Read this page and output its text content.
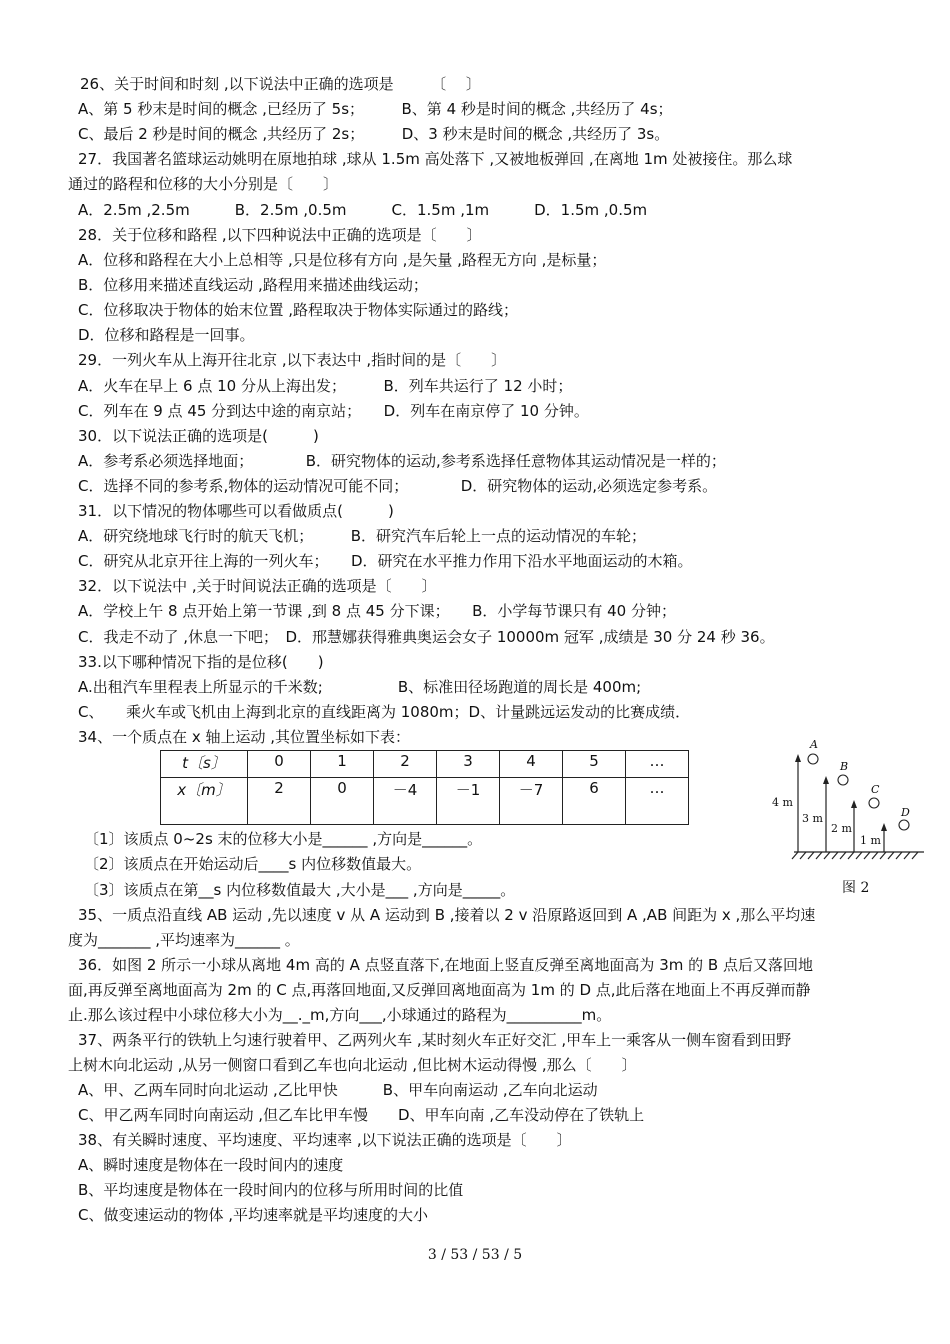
26、关于时间和时刻 ,以下说法中正确的选项是　　　〔　 〕
A、第 5 秒末是时间的概念 ,已经历了 5s；　　　B、第 4 秒是时间的概念 ,共经历了 4s；
C、最后 2 秒是时间的概念 ,共经历了 2s；　　　D、3 秒末是时间的概念 ,共经历了 3s。
27．我国著名篮球运动姚明在原地拍球 ,球从 1.5m 高处落下 ,又被地板弹回 ,在离地 1m 处被接住。那么球
通过的路程和位移的大小分别是〔　　〕
A．2.5m ,2.5m　　　B．2.5m ,0.5m　　　C．1.5m ,1m　　　D．1.5m ,0.5m
28．关于位移和路程 ,以下四种说法中正确的选项是〔　　〕
A．位移和路程在大小上总相等 ,只是位移有方向 ,是矢量 ,路程无方向 ,是标量；
B．位移用来描述直线运动 ,路程用来描述曲线运动；
C．位移取决于物体的始末位置 ,路程取决于物体实际通过的路线；
D．位移和路程是一回事。
29．一列火车从上海开往北京 ,以下表达中 ,指时间的是〔　　〕
A．火车在早上 6 点 10 分从上海出发；　　　B．列车共运行了 12 小时；
C．列车在 9 点 45 分到达中途的南京站；　　D．列车在南京停了 10 分钟。
30．以下说法正确的选项是(　　　)
A．参考系必须选择地面；　　　　B．研究物体的运动,参考系选择任意物体其运动情况是一样的；
C．选择不同的参考系,物体的运动情况可能不同；　　　　D．研究物体的运动,必须选定参考系。
31．以下情况的物体哪些可以看做质点(　　　)
A．研究绕地球飞行时的航天飞机；　　　B．研究汽车后轮上一点的运动情况的车轮；
C．研究从北京开往上海的一列火车；　　D．研究在水平推力作用下沿水平地面运动的木箱。
32．以下说法中 ,关于时间说法正确的选项是〔　　〕
A．学校上午 8 点开始上第一节课 ,到 8 点 45 分下课；　　B．小学每节课只有 40 分钟；
C．我走不动了 ,休息一下吧；　D．邢慧娜获得雅典奥运会女子 10000m 冠军 ,成绩是 30 分 24 秒 36。
33.以下哪种情况下指的是位移(　　)
A.出租汽车里程表上所显示的千米数;　　　　　B、标准田径场跑道的周长是 400m;
C、　　乘火车或飞机由上海到北京的直线距离为 1080m；D、计量跳远运发动的比赛成绩．
34、一个质点在 x 轴上运动 ,其位置坐标如下表：
t〔s〕	0	1	2	3	4	5	…
x〔m〕	2	0	－4	－1	－7	6	…
A
B
C
D
4 m
3 m
2 m
1 m
图 2
〔1〕该质点 0~2s 末的位移大小是______ ,方向是______。
〔2〕该质点在开始运动后____s 内位移数值最大。
〔3〕该质点在第__s 内位移数值最大 ,大小是___ ,方向是_____。
35、一质点沿直线 AB 运动 ,先以速度 v 从 A 运动到 B ,接着以 2 v 沿原路返回到 A ,AB 间距为 x ,那么平均速
度为_______ ,平均速率为______ 。
36．如图 2 所示一小球从离地 4m 高的 A 点竖直落下,在地面上竖直反弹至离地面高为 3m 的 B 点后又落回地
面,再反弹至离地面高为 2m 的 C 点,再落回地面,又反弹回离地面高为 1m 的 D 点,此后落在地面上不再反弹而静
止.那么该过程中小球位移大小为__._m,方向___,小球通过的路程为__________m。
37、两条平行的铁轨上匀速行驶着甲、乙两列火车 ,某时刻火车正好交汇 ,甲车上一乘客从一侧车窗看到田野
上树木向北运动 ,从另一侧窗口看到乙车也向北运动 ,但比树木运动得慢 ,那么〔　　〕
A、甲、乙两车同时向北运动 ,乙比甲快　　　B、甲车向南运动 ,乙车向北运动
C、甲乙两车同时向南运动 ,但乙车比甲车慢　　D、甲车向南 ,乙车没动停在了铁轨上
38、有关瞬时速度、平均速度、平均速率 ,以下说法正确的选项是〔　　〕
A、瞬时速度是物体在一段时间内的速度
B、平均速度是物体在一段时间内的位移与所用时间的比值
C、做变速运动的物体 ,平均速率就是平均速度的大小
3 / 53 / 53 / 5
